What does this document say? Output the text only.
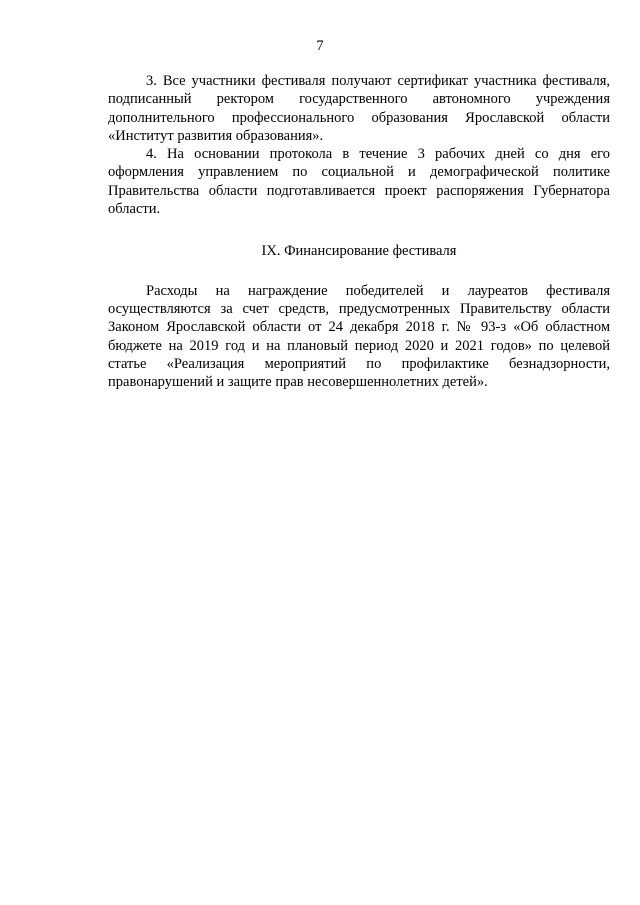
7

3. Все участники фестиваля получают сертификат участника фестиваля, подписанный ректором государственного автономного учреждения дополнительного профессионального образования Ярославской области «Институт развития образования».

4. На основании протокола в течение 3 рабочих дней со дня его оформления управлением по социальной и демографической политике Правительства области подготавливается проект распоряжения Губернатора области.

IX. Финансирование фестиваля

Расходы на награждение победителей и лауреатов фестиваля осуществляются за счет средств, предусмотренных Правительству области Законом Ярославской области от 24 декабря 2018 г. № 93-з «Об областном бюджете на 2019 год и на плановый период 2020 и 2021 годов» по целевой статье «Реализация мероприятий по профилактике безнадзорности, правонарушений и защите прав несовершеннолетних детей».
